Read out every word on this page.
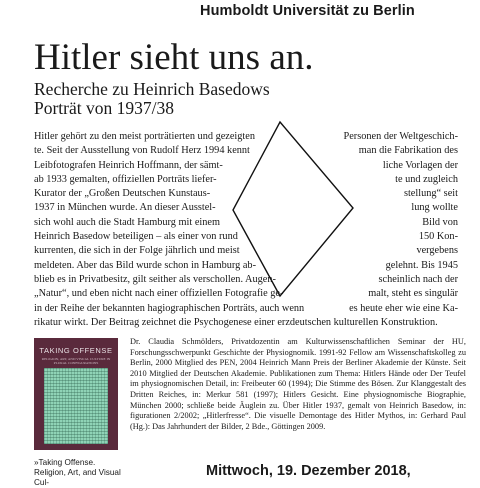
Humboldt Universität zu Berlin
Hitler sieht uns an.
Recherche zu Heinrich Basedows
Porträt von 1937/38
Hitler gehört zu den meist porträtierten und gezeigten	Personen der Weltgeschich-
te. Seit der Ausstellung von Rudolf Herz 1994 kennt	man die Fabrikation des
Leibfotografen Heinrich Hoffmann, der sämt-	liche Vorlagen der
ab 1933 gemalten, offiziellen Porträts liefer-	te und zugleich
Kurator der „Großen Deutschen Kunstaus-	stellung“ seit
1937 in München wurde. An dieser Ausstel-	lung wollte
sich wohl auch die Stadt Hamburg mit einem	Bild von
Heinrich Basedow beteiligen – als einer von rund	150 Kon-
kurrenten, die sich in der Folge jährlich und meist	vergebens
meldeten. Aber das Bild wurde schon in Hamburg ab-	gelehnt. Bis 1945
blieb es in Privatbesitz, gilt seither als verschollen. Augen-	scheinlich nach der
„Natur“, und eben nicht nach einer offiziellen Fotografie ge-	malt, steht es singulär
in der Reihe der bekannten hagiographischen Porträts, auch wenn	es heute eher wie eine Ka-
rikatur wirkt. Der Beitrag zeichnet die Psychogenese einer erzdeutschen kulturellen Konstruktion.
TAKING OFFENSE
RELIGION, ART, AND VISUAL CULTURE IN PLURAL CONFIGURATIONS
»Taking Offense. Religion, Art, and Visual Cul-
Dr. Claudia Schmölders, Privatdozentin am Kulturwissenschaftlichen Seminar der HU, Forschungsschwerpunkt Geschichte der Physiognomik. 1991-92 Fellow am Wissenschaftskolleg zu Berlin, 2000 Mitglied des PEN, 2004 Heinrich Mann Preis der Berliner Akademie der Künste. Seit 2010 Mitglied der Deutschen Akademie. Publikationen zum Thema: Hitlers Hände oder Der Teufel im physiognomischen Detail, in: Freibeuter 60 (1994); Die Stimme des Bösen. Zur Klanggestalt des Dritten Reiches, in: Merkur 581 (1997); Hitlers Gesicht. Eine physiognomische Biographie, München 2000; schließe beide Äuglein zu. Über Hitler 1937, gemalt von Heinrich Basedow, in: figurationen 2/2002; „Hitlerfresse“. Die visuelle Demontage des Hitler Mythos, in: Gerhard Paul (Hg.): Das Jahrhundert der Bilder, 2 Bde., Göttingen 2009.
Mittwoch, 19. Dezember 2018,
